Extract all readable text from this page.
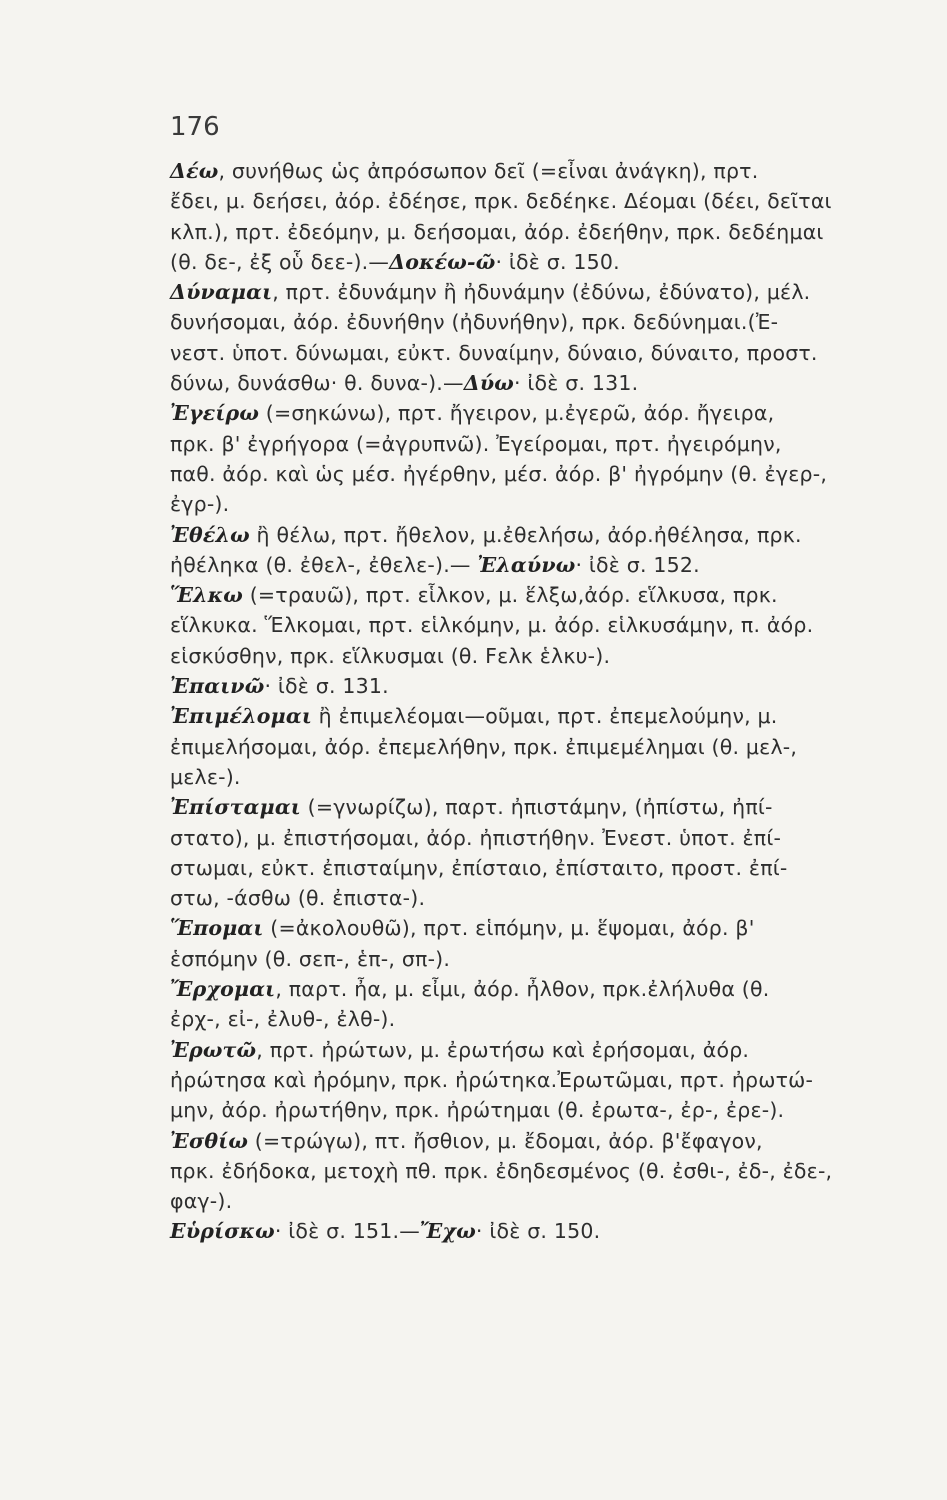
176
Δέω, συνήθως ὡς ἀπρόσωπον δεῖ (=εἶναι ἀνάγκη), πρτ.
ἔδει, μ. δεήσει, ἀόρ. ἐδέησε, πρκ. δεδέηκε. Δέομαι (δέει, δεῖται
κλπ.), πρτ. ἐδεόμην, μ. δεήσομαι, ἀόρ. ἐδεήθην, πρκ. δεδέημαι
(θ. δε-, ἐξ οὗ δεε-).—Δοκέω-ῶ· ἰδὲ σ. 150.
Δύναμαι, πρτ. ἐδυνάμην ἢ ἠδυνάμην (ἐδύνω, ἐδύνατο), μέλ.
δυνήσομαι, ἀόρ. ἐδυνήθην (ἠδυνήθην), πρκ. δεδύνημαι.(Ἐ-
νεστ. ὑποτ. δύνωμαι, εὐκτ. δυναίμην, δύναιο, δύναιτο, προστ.
δύνω, δυνάσθω· θ. δυνα-).—Δύω· ἰδὲ σ. 131.
Ἐγείρω (=σηκώνω), πρτ. ἤγειρον, μ.ἐγερῶ, ἀόρ. ἤγειρα,
πρκ. β' ἐγρήγορα (=ἀγρυπνῶ). Ἐγείρομαι, πρτ. ἠγειρόμην,
παθ. ἀόρ. καὶ ὡς μέσ. ἠγέρθην, μέσ. ἀόρ. β' ἠγρόμην (θ. ἐγερ-,
ἐγρ-).
Ἐθέλω ἢ θέλω, πρτ. ἤθελον, μ.ἐθελήσω, ἀόρ.ἠθέλησα, πρκ.
ἠθέληκα (θ. ἐθελ-, ἐθελε-).— Ἐλαύνω· ἰδὲ σ. 152.
Ἕλκω (=τραυῶ), πρτ. εἷλκον, μ. ἕλξω,ἀόρ. εἵλκυσα, πρκ.
εἵλκυκα. Ἕλκομαι, πρτ. εἱλκόμην, μ. ἀόρ. εἱλκυσάμην, π. ἀόρ.
εἱσκύσθην, πρκ. εἵλκυσμαι (θ. Fελκ ἑλκυ-).
Ἐπαινῶ· ἰδὲ σ. 131.
Ἐπιμέλομαι ἢ ἐπιμελέομαι—οῦμαι, πρτ. ἐπεμελούμην, μ.
ἐπιμελήσομαι, ἀόρ. ἐπεμελήθην, πρκ. ἐπιμεμέλημαι (θ. μελ-,
μελε-).
Ἐπίσταμαι (=γνωρίζω), παρτ. ἠπιστάμην, (ἠπίστω, ἠπί-
στατο), μ. ἐπιστήσομαι, ἀόρ. ἠπιστήθην. Ἐνεστ. ὑποτ. ἐπί-
στωμαι, εὐκτ. ἐπισταίμην, ἐπίσταιο, ἐπίσταιτο, προστ. ἐπί-
στω, -άσθω (θ. ἐπιστα-).
Ἕπομαι (=ἀκολουθῶ), πρτ. εἱπόμην, μ. ἕψομαι, ἀόρ. β'
ἑσπόμην (θ. σεπ-, ἑπ-, σπ-).
Ἔρχομαι, παρτ. ἦα, μ. εἶμι, ἀόρ. ἦλθον, πρκ.ἐλήλυθα (θ.
ἐρχ-, εἰ-, ἐλυθ-, ἐλθ-).
Ἐρωτῶ, πρτ. ἠρώτων, μ. ἐρωτήσω καὶ ἐρήσομαι, ἀόρ.
ἠρώτησα καὶ ἠρόμην, πρκ. ἠρώτηκα.Ἐρωτῶμαι, πρτ. ἠρωτώ-
μην, ἀόρ. ἠρωτήθην, πρκ. ἠρώτημαι (θ. ἐρωτα-, ἐρ-, ἐρε-).
Ἐσθίω (=τρώγω), πτ. ἤσθιον, μ. ἔδομαι, ἀόρ. β'ἔφαγον,
πρκ. ἐδήδοκα, μετοχὴ πθ. πρκ. ἐδηδεσμένος (θ. ἐσθι-, ἐδ-, ἐδε-,
φαγ-).
Εὑρίσκω· ἰδὲ σ. 151.—Ἔχω· ἰδὲ σ. 150.
